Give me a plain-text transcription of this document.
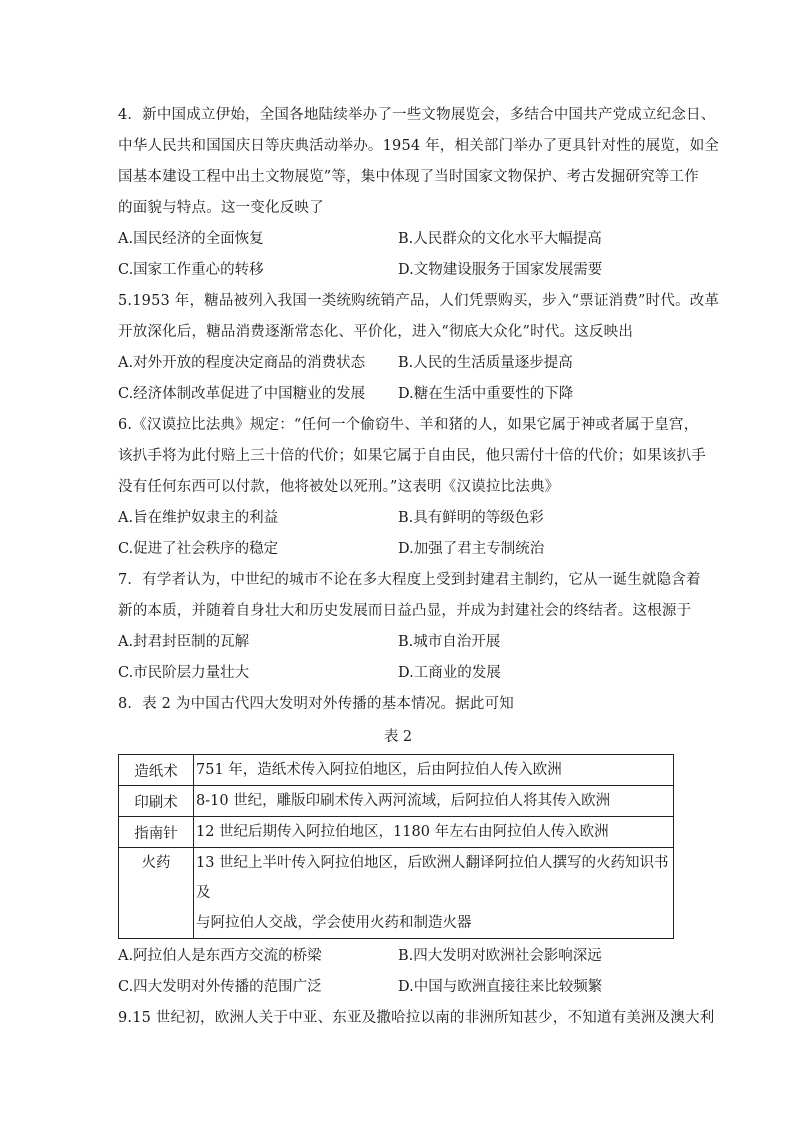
4．新中国成立伊始，全国各地陆续举办了一些文物展览会，多结合中国共产党成立纪念日、
中华人民共和国国庆日等庆典活动举办。1954 年，相关部门举办了更具针对性的展览，如全
国基本建设工程中出土文物展览”等，集中体现了当时国家文物保护、考古发掘研究等工作
的面貌与特点。这一变化反映了
A.国民经济的全面恢复	B.人民群众的文化水平大幅提高
C.国家工作重心的转移	D.文物建设服务于国家发展需要
5.1953 年，糖品被列入我国一类统购统销产品，人们凭票购买，步入“票证消费”时代。改革
开放深化后，糖品消费逐渐常态化、平价化，进入“彻底大众化”时代。这反映出
A.对外开放的程度决定商品的消费状态	B.人民的生活质量逐步提高
C.经济体制改革促进了中国糖业的发展	D.糖在生活中重要性的下降
6.《汉谟拉比法典》规定：“任何一个偷窃牛、羊和猪的人，如果它属于神或者属于皇宫，
该扒手将为此付赔上三十倍的代价；如果它属于自由民，他只需付十倍的代价；如果该扒手
没有任何东西可以付款，他将被处以死刑。”这表明《汉谟拉比法典》
A.旨在维护奴隶主的利益	B.具有鲜明的等级色彩
C.促进了社会秩序的稳定	D.加强了君主专制统治
7．有学者认为，中世纪的城市不论在多大程度上受到封建君主制约，它从一诞生就隐含着
新的本质，并随着自身壮大和历史发展而日益凸显，并成为封建社会的终结者。这根源于
A.封君封臣制的瓦解	B.城市自治开展
C.市民阶层力量壮大	D.工商业的发展
8．表 2 为中国古代四大发明对外传播的基本情况。据此可知
表 2
造纸术	751 年，造纸术传入阿拉伯地区，后由阿拉伯人传入欧洲
印刷术	8-10 世纪，雕版印刷术传入两河流域，后阿拉伯人将其传入欧洲
指南针	12 世纪后期传入阿拉伯地区，1180 年左右由阿拉伯人传入欧洲
火药	13 世纪上半叶传入阿拉伯地区，后欧洲人翻译阿拉伯人撰写的火药知识书及
与阿拉伯人交战，学会使用火药和制造火器
A.阿拉伯人是东西方交流的桥梁	B.四大发明对欧洲社会影响深远
C.四大发明对外传播的范围广泛	D.中国与欧洲直接往来比较频繁
9.15 世纪初，欧洲人关于中亚、东亚及撒哈拉以南的非洲所知甚少，不知道有美洲及澳大利
